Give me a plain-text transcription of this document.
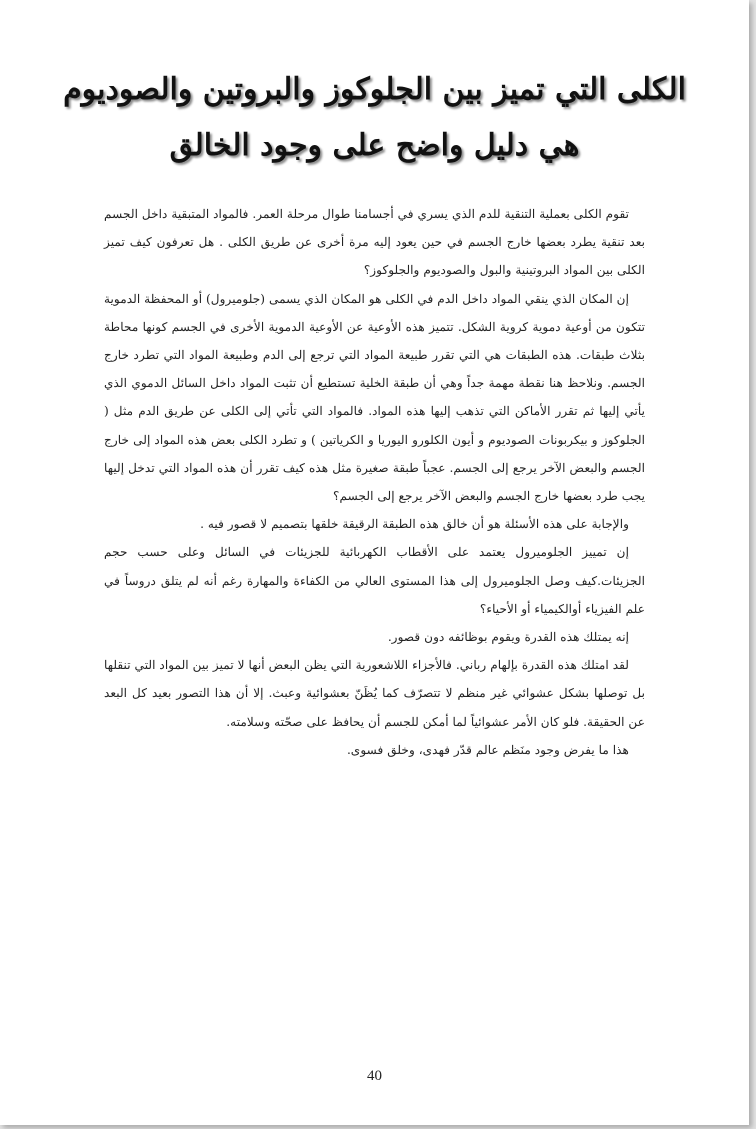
الكلى التي تميز بين الجلوكوز والبروتين والصوديوم هي دليل واضح على وجود الخالق

تقوم الكلى بعملية التنقية للدم الذي يسري في أجسامنا طوال مرحلة العمر. فالمواد المتبقية داخل الجسم بعد تنقية يطرد بعضها خارج الجسم في حين يعود إليه مرة أخرى عن طريق الكلى . هل تعرفون كيف تميز الكلى بين المواد البروتينية والبول والصوديوم والجلوكوز؟

إن المكان الذي ينقي المواد داخل الدم في الكلى هو المكان الذي يسمى (جلوميرول) أو المحفظة الدموية تتكون من أوعية دموية كروية الشكل. تتميز هذه الأوعية عن الأوعية الدموية الأخرى في الجسم كونها محاطة بثلاث طبقات. هذه الطبقات هي التي تقرر طبيعة المواد التي ترجع إلى الدم وطبيعة المواد التي تطرد خارج الجسم. ونلاحظ هنا نقطة مهمة جداً وهي أن طبقة الخلية تستطيع أن تثبت المواد داخل السائل الدموي الذي يأتي إليها ثم تقرر الأماكن التي تذهب إليها هذه المواد. فالمواد التي تأتي إلى الكلى عن طريق الدم مثل ( الجلوكوز و بيكربونات الصوديوم و أيون الكلورو اليوريا و الكرياتين ) و تطرد الكلى بعض هذه المواد إلى خارج الجسم والبعض الآخر يرجع إلى الجسم. عجباً طبقة صغيرة مثل هذه كيف تقرر أن هذه المواد التي تدخل إليها يجب طرد بعضها خارج الجسم والبعض الآخر يرجع إلى الجسم؟

والإجابة على هذه الأسئلة هو أن خالق هذه الطبقة الرقيقة خلقها بتصميم لا قصور فيه .

إن تمييز الجلوميرول يعتمد على الأقطاب الكهربائية للجزيئات في السائل وعلى حسب حجم الجزيئات.كيف وصل الجلوميرول إلى هذا المستوى العالي من الكفاءة والمهارة رغم أنه لم يتلق دروساً في علم الفيزياء أوالكيمياء أو الأحياء؟

إنه يمتلك هذه القدرة ويقوم بوظائفه دون قصور.

لقد امتلك هذه القدرة بإلهام رباني. فالأجزاء اللاشعورية التي يظن البعض أنها لا تميز بين المواد التي تنقلها بل توصلها بشكل عشوائي غير منظم لا تتصرّف كما يُظَنّ بعشوائية وعبث. إلا أن هذا التصور بعيد كل البعد عن الحقيقة. فلو كان الأمر عشوائياً لما أمكن للجسم أن يحافظ على صحّته وسلامته.

هذا ما يفرض وجود منَظم عالم قدّر فهدى، وخلق فسوى.

40
